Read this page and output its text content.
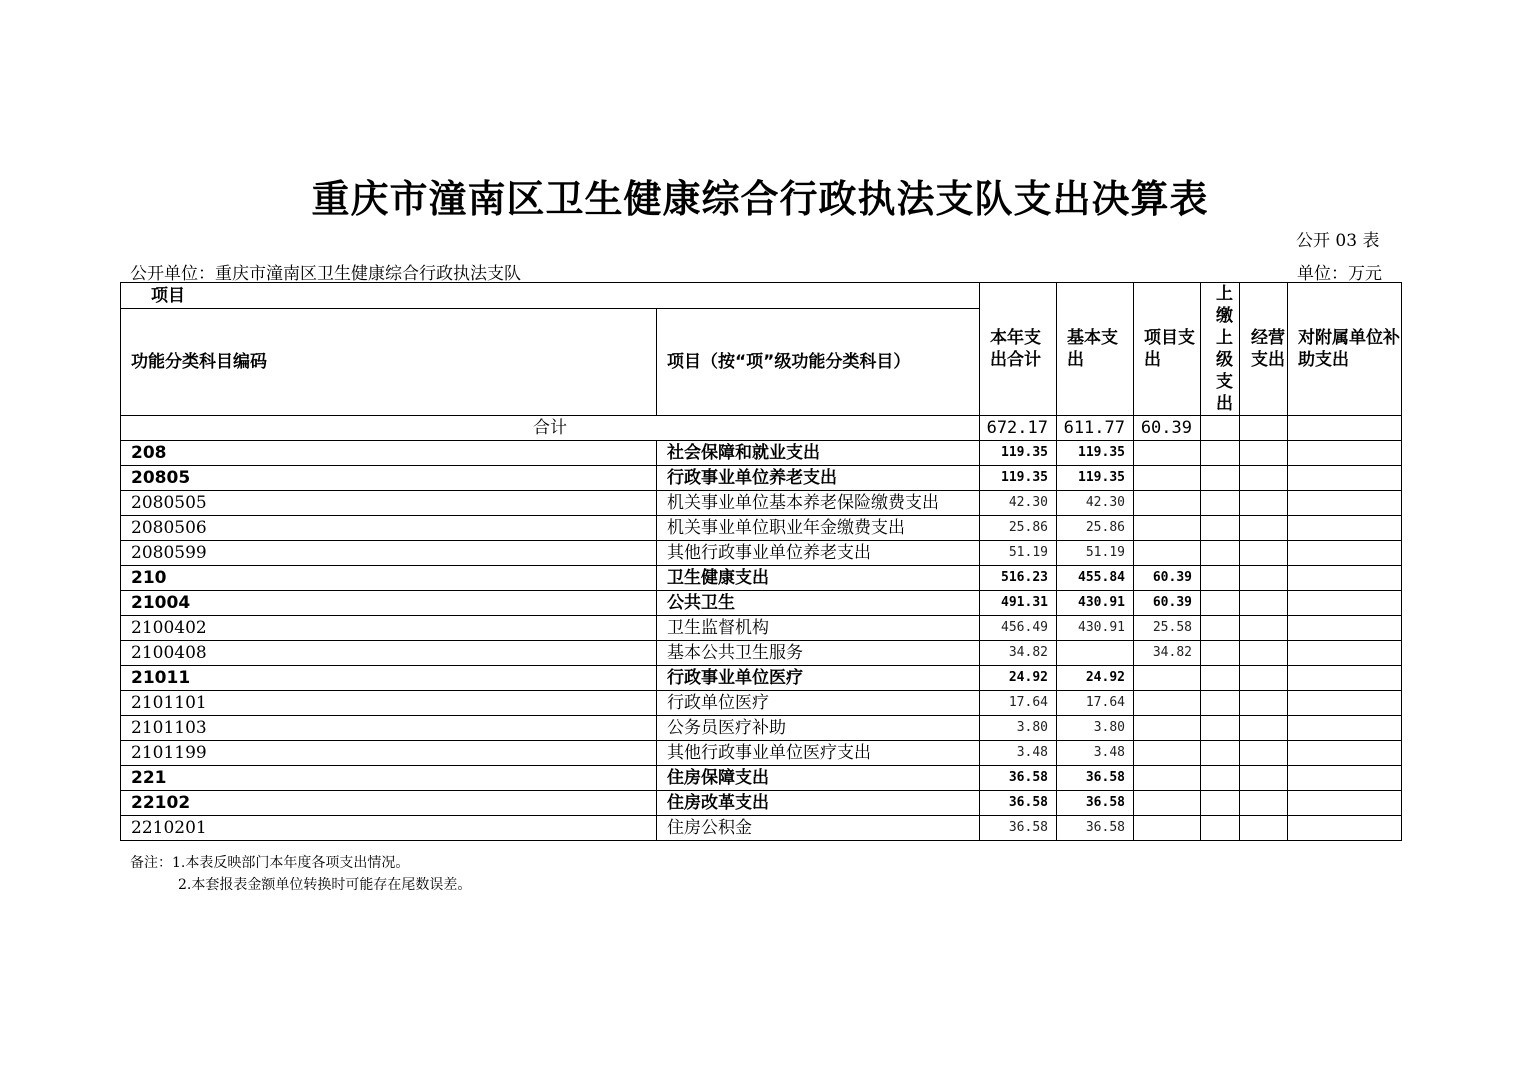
重庆市潼南区卫生健康综合行政执法支队支出决算表
公开 03 表
公开单位：重庆市潼南区卫生健康综合行政执法支队	单位：万元
项目		本年支出合计	基本支出	项目支出	上缴上级支出	经营支出	对附属单位补助支出
功能分类科目编码	项目（按“项”级功能分类科目）						
合计		672.17	611.77	60.39			
208	社会保障和就业支出	119.35	119.35				
20805	行政事业单位养老支出	119.35	119.35				
2080505	机关事业单位基本养老保险缴费支出	42.30	42.30				
2080506	机关事业单位职业年金缴费支出	25.86	25.86				
2080599	其他行政事业单位养老支出	51.19	51.19				
210	卫生健康支出	516.23	455.84	60.39			
21004	公共卫生	491.31	430.91	60.39			
2100402	卫生监督机构	456.49	430.91	25.58			
2100408	基本公共卫生服务	34.82		34.82			
21011	行政事业单位医疗	24.92	24.92				
2101101	行政单位医疗	17.64	17.64				
2101103	公务员医疗补助	3.80	3.80				
2101199	其他行政事业单位医疗支出	3.48	3.48				
221	住房保障支出	36.58	36.58				
22102	住房改革支出	36.58	36.58				
2210201	住房公积金	36.58	36.58				
备注：1.本表反映部门本年度各项支出情况。
2.本套报表金额单位转换时可能存在尾数误差。
